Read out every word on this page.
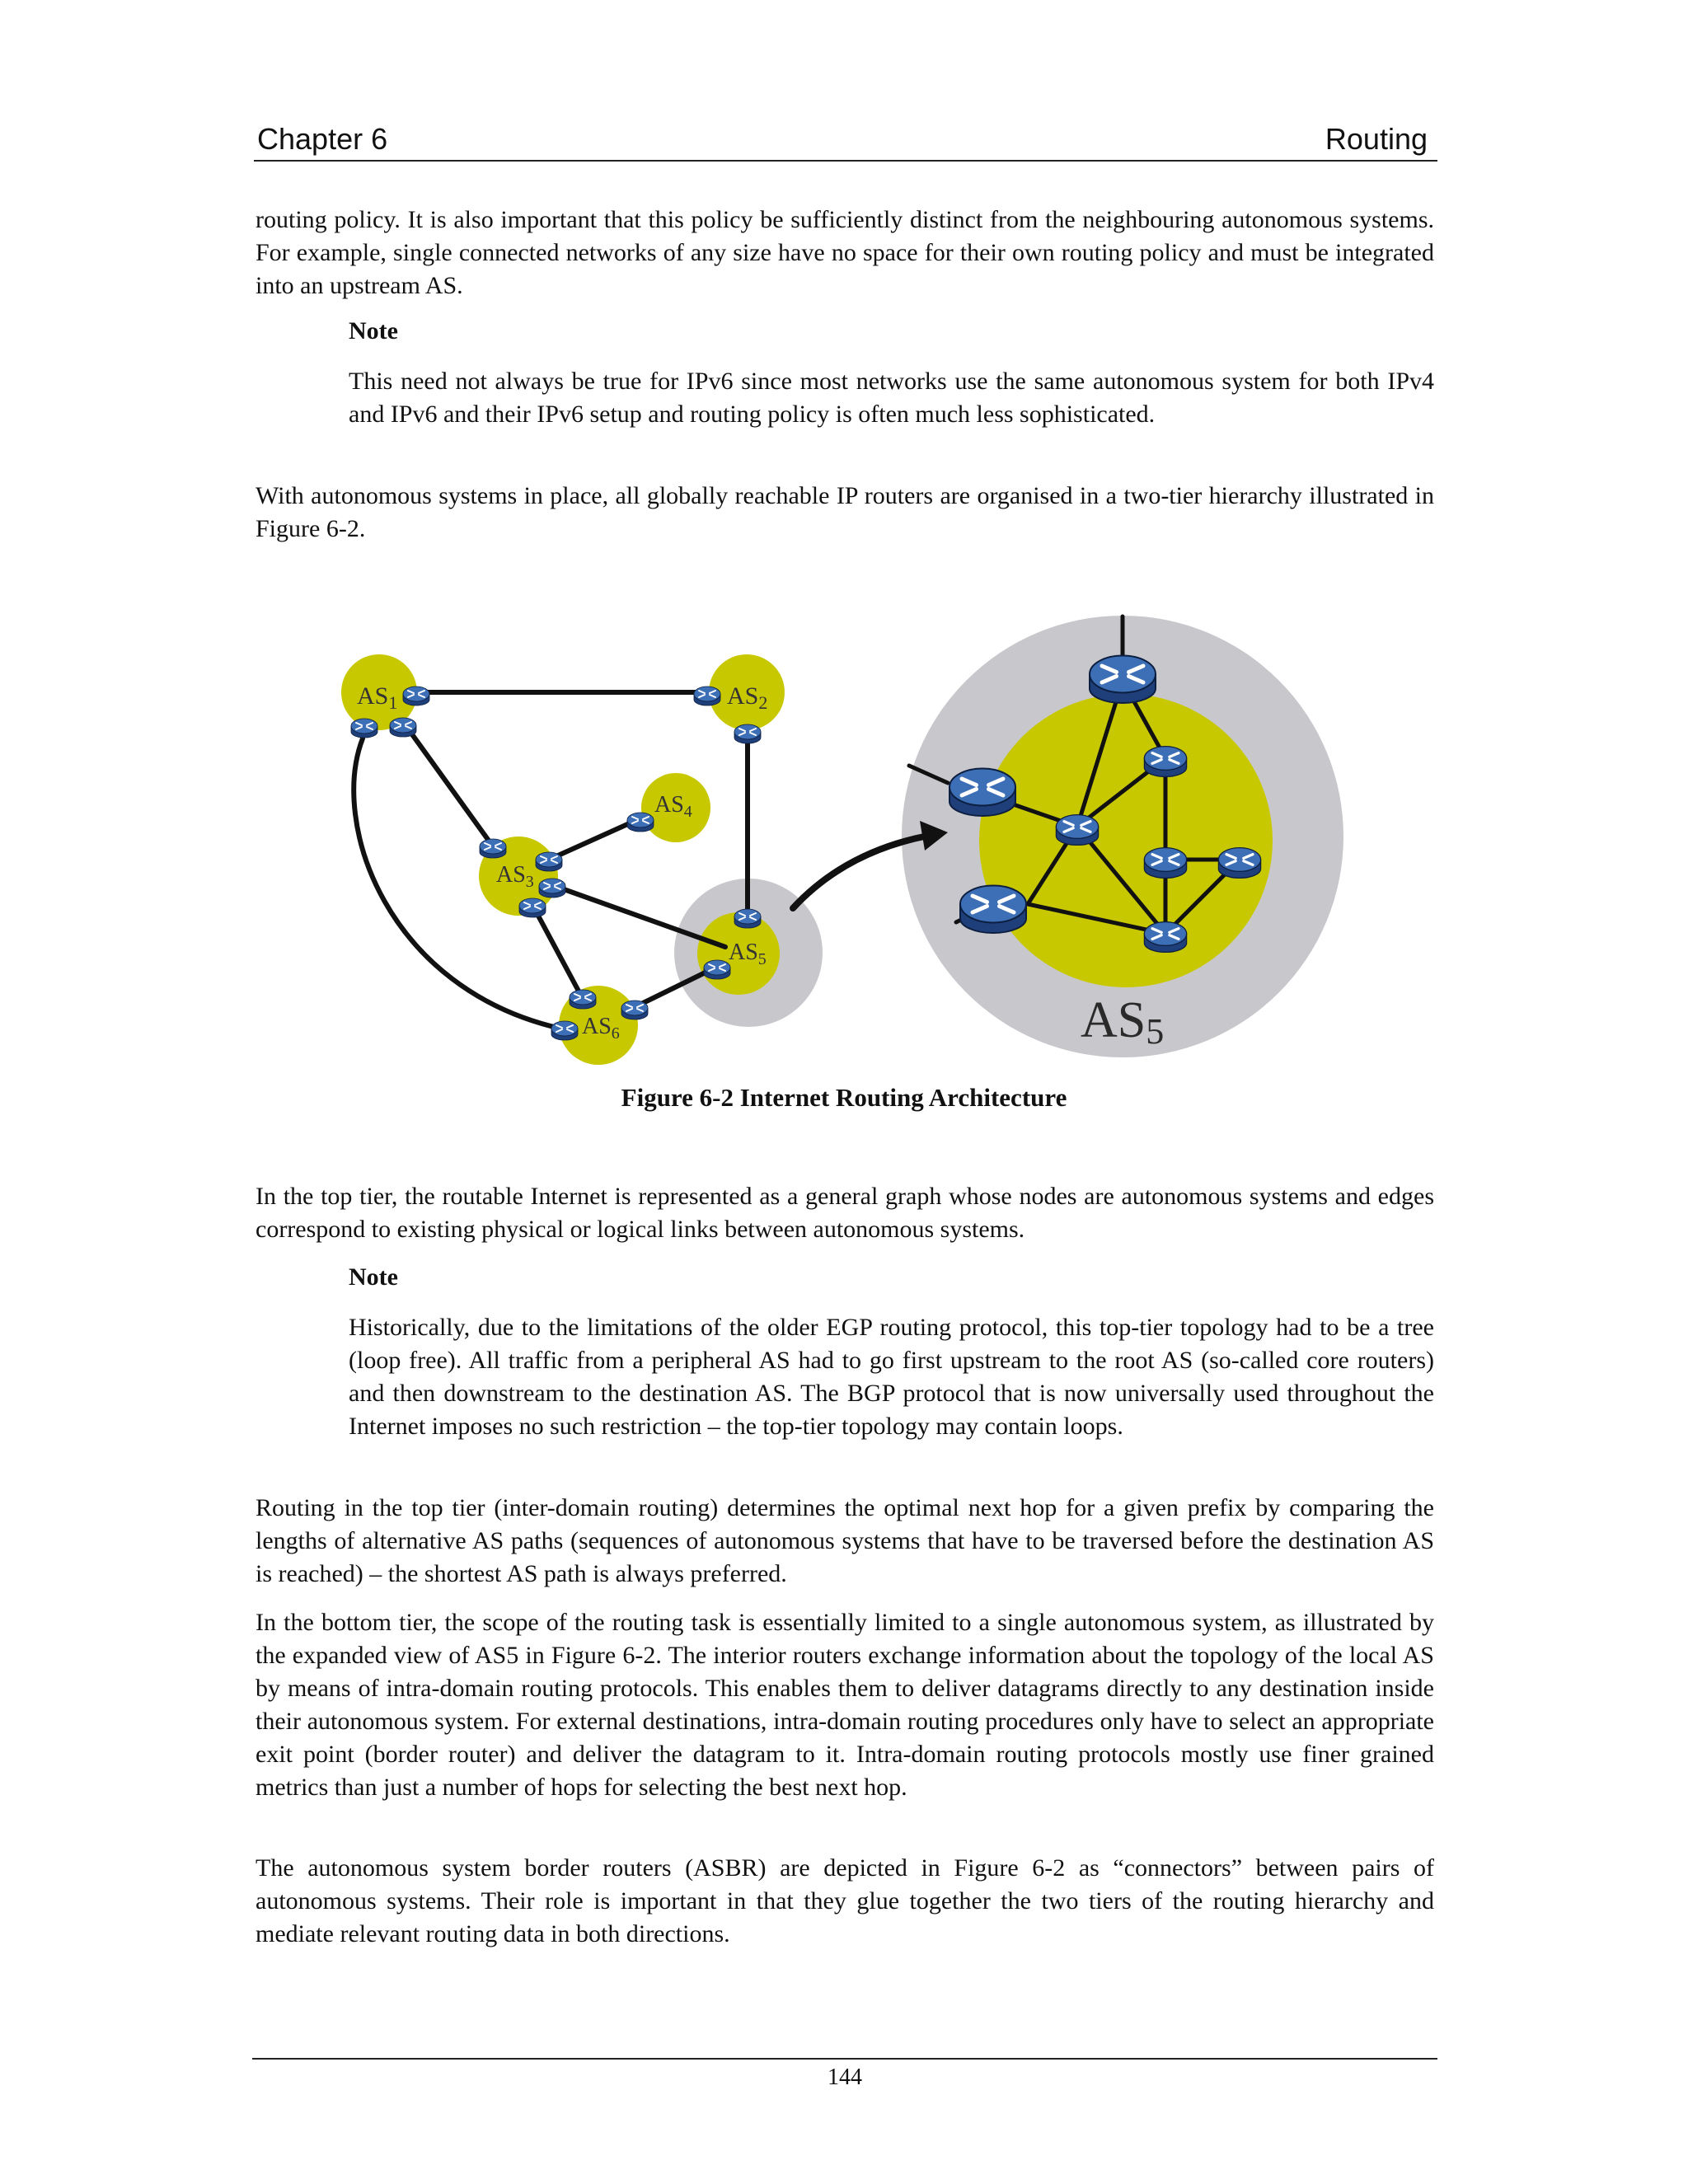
Chapter 6	Routing

routing policy. It is also important that this policy be sufficiently distinct from the neighbouring autonomous systems. For example, single connected networks of any size have no space for their own routing policy and must be integrated into an upstream AS.

Note

This need not always be true for IPv6 since most networks use the same autonomous system for both IPv4 and IPv6 and their IPv6 setup and routing policy is often much less sophisticated.

With autonomous systems in place, all globally reachable IP routers are organised in a two-tier hierarchy illustrated in Figure 6-2.

$AS_1$	$AS_2$
$AS_3$
$AS_4$
$AS_5$
$AS_6$	AS5
Figure 6-2 Internet Routing Architecture

In the top tier, the routable Internet is represented as a general graph whose nodes are autonomous systems and edges correspond to existing physical or logical links between autonomous systems.

Note

Historically, due to the limitations of the older EGP routing protocol, this top-tier topology had to be a tree (loop free). All traffic from a peripheral AS had to go first upstream to the root AS (so-called core routers) and then downstream to the destination AS. The BGP protocol that is now universally used throughout the Internet imposes no such restriction – the top-tier topology may contain loops.

Routing in the top tier (inter-domain routing) determines the optimal next hop for a given prefix by comparing the lengths of alternative AS paths (sequences of autonomous systems that have to be traversed before the destination AS is reached) – the shortest AS path is always preferred.

In the bottom tier, the scope of the routing task is essentially limited to a single autonomous system, as illustrated by the expanded view of AS5 in Figure 6-2. The interior routers exchange information about the topology of the local AS by means of intra-domain routing protocols. This enables them to deliver datagrams directly to any destination inside their autonomous system. For external destinations, intra-domain routing procedures only have to select an appropriate exit point (border router) and deliver the datagram to it. Intra-domain routing protocols mostly use finer grained metrics than just a number of hops for selecting the best next hop.

The autonomous system border routers (ASBR) are depicted in Figure 6-2 as “connectors” between pairs of autonomous systems. Their role is important in that they glue together the two tiers of the routing hierarchy and mediate relevant routing data in both directions.

144
